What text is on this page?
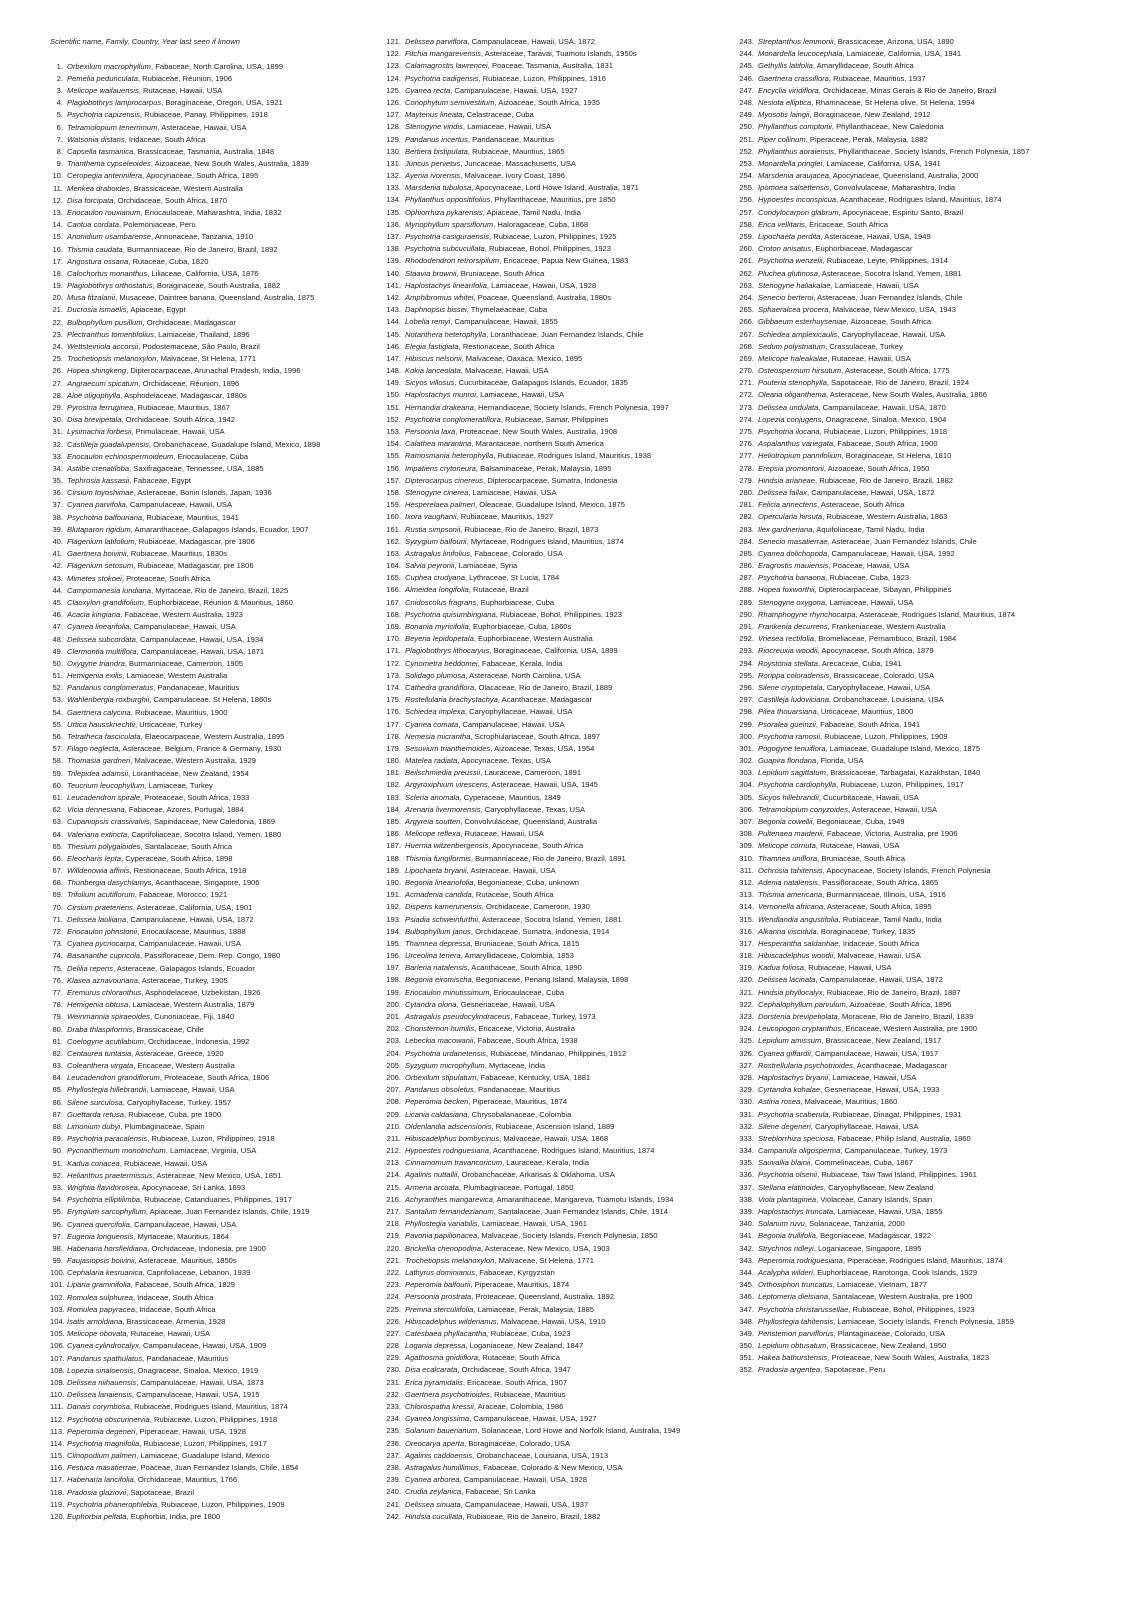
Scientific name, Family, Country, Year last seen if known
1. Orbexilum macrophyllum , Fabaceae, North Carolina, USA, 1899
2. Pemelia pedunculata , Rubiaceae, Réunion, 1906
3. Melicope wailauensis , Rutaceae, Hawaii, USA
4. Plagiobothrys lamprocarpus , Boraginaceae, Oregon, USA, 1921
5. Psychotria capizensis , Rubiaceae, Panay, Philippines, 1918
6. Tetramolopium tenerrimum , Asteraceae, Hawaii, USA
7. Watsonia distans , Iridaceae, South Africa
8. Capsella tasmanica , Brassicaceae, Tasmania, Australia, 1848
9. Trianthema cypseleoides , Aizoaceae, New South Wales, Australia, 1839
10. Ceropegia antennifera , Apocynaceae, South Africa, 1895
11. Menkea draboides , Brassicaceae, Western Australia
12. Disa forcipata , Orchidaceae, South Africa, 1870
13. Eriocaulon rouxianum , Eriocaulaceae, Maharashtra, India, 1832
14. Cantua cordata , Polemoniaceae, Peru
15. Anonidium usambarense , Annonaceae, Tanzania, 1910
16. Thismia caudata , Burmanniaceae, Rio de Janeiro, Brazil, 1892
17. Angostura ossana , Rutaceae, Cuba, 1820
18. Calochortus monanthus , Liliaceae, California, USA, 1876
19. Plagiobothrys orthostatus , Boraginaceae, South Australia, 1882
20. Musa fitzalanii , Musaceae, Daintree banana, Queensland, Australia, 1875
21. Ducrosia ismaëlis , Apiaceae, Egypt
22. Bulbophyllum pusillum , Orchidaceae, Madagascar
23. Plectranthus tomentifolius , Lamiaceae, Thailand, 1896
24. Wettsteiniola accorsii , Podostemaceae, São Paulo, Brazil
25. Trochetiopsis melanoxylon , Malvaceae, St Helena, 1771
26. Hopea shingkeng , Dipterocarpaceae, Arunachal Pradesh, India, 1996
27. Angraecum spicatum , Orchidaceae, Réunion, 1896
28. Aloë oligophylla , Asphodelaceae, Madagascar, 1880s
29. Pyrostria ferruginea , Rubiaceae, Mauritius, 1867
30. Disa brevipetala , Orchidaceae, South Africa, 1942
31. Lysimachia forbesii , Primulaceae, Hawaii, USA
32. Castilleja guadalupensis , Orobanchaceae, Guadalupe Island, Mexico, 1898
33. Eriocaulon echinospermoideum , Eriocaulaceae, Cuba
34. Astilbe crenatiloba , Saxifragaceae, Tennessee, USA, 1885
35. Tephrosia kassasii , Fabaceae, Egypt
36. Cirsium toyoshimae , Asteraceae, Bonin Islands, Japan, 1936
37. Cyanea parvifolia , Campanulaceae, Hawaii, USA
38. Psychotria balfouriana , Rubiaceae, Mauritius, 1941
39. Blutaparon rigidum , Amaranthaceae, Galapagos Islands, Ecuador, 1907
40. Flagenium latifolium , Rubiaceae, Madagascar, pre 1806
41. Gaertnera boivinii , Rubiaceae, Mauritius, 1830s
42. Flagenium setosum , Rubiaceae, Madagascar, pre 1806
43. Mimetes stokoei , Proteaceae, South Africa
44. Campomanesia lundiana , Myrtaceae, Rio de Janeiro, Brazil, 1825
45. Claoxylon grandifolium , Euphorbiaceae, Réunion & Mauritius, 1860
46. Acacia kingiana , Fabaceae, Western Australia, 1923
47. Cyanea linearifolia , Campanulaceae, Hawaii, USA
48. Delissea subcordata , Campanulaceae, Hawaii, USA, 1934
49. Clermontia multiflora , Campanulaceae, Hawaii, USA, 1871
50. Oxygyne triandra , Burmanniaceae, Cameroon, 1905
51. Hemigenia exilis , Lamiaceae, Western Australia
52. Pandanus conglomeratus , Pandanaceae, Mauritius
53. Wahlenbergia roxburghii , Campanulaceae, St Helena, 1860s
54. Gaertnera calycina , Rubiaceae, Mauritius, 1900
55. Urtica haussknechtii , Urticaceae, Turkey
56. Tetratheca fasciculata , Elaeocarpaceae, Western Australia, 1895
57. Filago neglecta , Asteraceae, Belgium, France & Germany, 1930
58. Thomasia gardneri , Malvaceae, Western Australia, 1929
59. Trilepidea adamsii , Loranthaceae, New Zealand, 1954
60. Teucrium leucophyllum , Lamiaceae, Turkey
61. Leucadendron spirale , Proteaceae, South Africa, 1933
62. Vicia dennesiana , Fabaceae, Azores, Portugal, 1884
63. Cupaniopsis crassivalvis , Sapindaceae, New Caledonia, 1869
64. Valeriana extincta , Caprifoliaceae, Socotra Island, Yemen, 1880
65. Thesium polygaloides , Santalaceae, South Africa
66. Eleocharis lepta , Cyperaceae, South Africa, 1898
67. Willdenowia affinis , Restionaceae, South Africa, 1918
68. Thunbergia dasychlamys , Acanthaceae, Singapore, 1906
69. Trifolium acutiflorum , Fabaceae, Morocco, 1921
70. Cirsium praeteriens , Asteraceae, California, USA, 1901
71. Delissea lauliiana , Campanulaceae, Hawaii, USA, 1872
72. Eriocaulon johnstonii , Eriocaulaceae, Mauritius, 1888
73. Cyanea pycnocarpa , Campanulaceae, Hawaii, USA
74. Basananthe cupricola , Passifloraceae, Dem. Rep. Congo, 1980
75. Delilia repens , Asteraceae, Galapagos Islands, Ecuador
76. Klasea aznavouriana , Asteraceae, Turkey, 1905
77. Eremurus chloranthus , Asphodelaceae, Uzbekistan, 1926
78. Hemigenia obtusa , Lamiaceae, Western Australia, 1879
79. Weinmannia spiraeoides , Cunoniaceae, Fiji, 1840
80. Draba thlaspiformis , Brassicaceae, Chile
81. Coelogyne acutilabium , Orchidaceae, Indonesia, 1992
82. Centaurea tuntasia , Asteraceae, Greece, 1920
83. Coleanthera virgata , Ericaceae, Western Australia
84. Leucadendron grandiflorum , Proteaceae, South Africa, 1806
85. Phyllostegia hillebrandii , Lamiaceae, Hawaii, USA
86. Silene surculosa , Caryophyllaceae, Turkey, 1957
87. Guettarda retusa , Rubiaceae, Cuba, pre 1900
88. Limonium dubyi , Plumbaginaceae, Spain
89. Psychotria paracalensis , Rubiaceae, Luzon, Philippines, 1918
90. Pycnanthemum monotrichum , Lamiaceae, Virginia, USA
91. Kadua coriacea , Rubiaceae, Hawaii, USA
92. Helianthus praetermissus , Asteraceae, New Mexico, USA, 1851
93. Wrightia flavidorosea , Apocynaceae, Sri Lanka, 1893
94. Psychotria elliptilimba , Rubiaceae, Catanduanes, Philippines, 1917
95. Eryngium sarcophyllum , Apiaceae, Juan Fernandez Islands, Chile, 1919
96. Cyanea quercifolia , Campanulaceae, Hawaii, USA
97. Eugenia longuensis , Myrtaceae, Mauritius, 1864
98. Habenaria horsfieldiana , Orchidaceae, Indonesia, pre 1900
99. Faujasiopsis boivinii , Asteraceae, Mauritius, 1850s
100. Cephalaria kesruanica , Caprifoliaceae, Lebanon, 1939
101. Liparia graminifolia , Fabaceae, South Africa, 1829
102. Romulea sulphurea , Iridaceae, South Africa
103. Romulea papyracea , Iridaceae, South Africa
104. Isatis arnoldiana , Brassicaceae, Armenia, 1928
105. Melicope obovata , Rutaceae, Hawaii, USA
106. Cyanea cylindrocalyx , Campanulaceae, Hawaii, USA, 1909
107. Pandanus spathulatus , Pandanaceae, Mauritius
108. Lopezia sinaloensis , Onagraceae, Sinaloa, Mexico, 1919
109. Delissea niihauensis , Campanulaceae, Hawaii, USA, 1873
110. Delissea lanaiensis , Campanulaceae, Hawaii, USA, 1915
111. Danais corymbosa , Rubiaceae, Rodrigues Island, Mauritius, 1874
112. Psychotria obscurinervia , Rubiaceae, Luzon, Philippines, 1918
113. Peperomia degeneri , Piperaceae, Hawaii, USA, 1928
114. Psychotria magnifolia , Rubiaceae, Luzon, Philippines, 1917
115. Clinopodium palmeri , Lamiaceae, Guadalupe Island, Mexico
116. Festuca masatierrae , Poaceae, Juan Fernandez Islands, Chile, 1854
117. Habenaria lancifolia , Orchidaceae, Mauritius, 1766
118. Pradosia glaziovii , Sapotaceae, Brazil
119. Psychotria phanerophlebia , Rubiaceae, Luzon, Philippines, 1909
120. Euphorbia peltata , Euphorbia, India, pre 1800
121. Delissea parviflora , Campanulaceae, Hawaii, USA, 1872
122. Fitchia mangarevensis , Asteraceae, Taravai, Tuamotu Islands, 1950s
123. Calamagrostis lawrencei , Poaceae, Tasmania, Australia, 1831
124. Psychotria cadigensis , Rubiaceae, Luzon, Philippines, 1916
125. Cyanea recta , Campanulaceae, Hawaii, USA, 1927
126. Conophytum semivestitum , Aizoaceae, South Africa, 1935
127. Maytenus lineata , Celastraceae, Cuba
128. Stenogyne viridis , Lamiaceae, Hawaii, USA
129. Pandanus incertus , Pandanaceae, Mauritius
130. Bertiera bistipulata , Rubiaceae, Mauritius, 1865
131. Juncus pervetus , Juncaceae, Massachusetts, USA
132. Ayenia ivorensis , Malvaceae, Ivory Coast, 1896
133. Marsdenia tubulosa , Apocynaceae, Lord Howe Island, Australia, 1871
134. Phyllanthus oppositifolius , Phyllanthaceae, Mauritius, pre 1850
135. Ophiorrhiza pykarensis , Apiaceae, Tamil Nadu, India
136. Myriophyllum sparsiflorum , Haloragaceae, Cuba, 1868
137. Psychotria casiguraensis , Rubiaceae, Luzon, Philippines, 1925
138. Psychotria subcucullata , Rubiaceae, Bohol, Philippines, 1923
139. Rhododendron retrorsipilum , Ericaceae, Papua New Guinea, 1983
140. Staavia brownii , Bruniaceae, South Africa
141. Haplostachys linearifolia , Lamiaceae, Hawaii, USA, 1928
142. Amphibromus whitei , Poaceae, Queensland, Australia, 1980s
143. Daphnopsis bissei , Thymelaeaceae, Cuba
144. Lobelia remyi , Campanulaceae, Hawaii, 1855
145. Notanthera heterophylla , Loranthaceae, Juan Fernandez Islands, Chile
146. Elegia fastigiata , Restionaceae, South Africa
147. Hibiscus nelsonii , Malvaceae, Oaxaca, Mexico, 1895
148. Kokia lanceolata , Malvaceae, Hawaii, USA
149. Sicyos villosus , Cucurbitaceae, Galapagos Islands, Ecuador, 1835
150. Haplostachys munroi , Lamiaceae, Hawaii, USA
151. Hernandia drakeana , Hernandiaceae, Society Islands, French Polynesia, 1997
152. Psychotria conglomeratiflora , Rubiaceae, Samar, Philippines
153. Persoonia laxa , Proteaceae, New South Wales, Australia, 1908
154. Calathea marantina , Marantaceae, northern South America
155. Ramosmania heterophylla , Rubiaceae, Rodrigues Island, Mauritius, 1938
156. Impatiens crytoneura , Balsaminaceae, Perak, Malaysia, 1895
157. Dipterocarpus cinereus , Dipterocarpaceae, Sumatra, Indonesia
158. Stenogyne cinerea , Lamiaceae, Hawaii, USA
159. Hesperelaea palmeri , Oleaceae, Guadalupe Island, Mexico, 1875
160. Ixora vaughanii , Rubiaceae, Mauritius, 1927
161. Rustia simpsonii , Rubiaceae, Rio de Janeiro, Brazil, 1873
162. Syzygium balfourii , Myrtaceae, Rodrigues Island, Mauritius, 1874
163. Astragalus linifolius , Fabaceae, Colorado, USA
164. Salvia peyronii , Lamiaceae, Syria
165. Cuphea crudyana , Lythraceae, St Lucia, 1784
166. Almeidea longifolia , Rutaceae, Brazil
167. Cnidoscolus fragrans , Euphorbiaceae, Cuba
168. Psychotria quisumbingiana , Rubiaceae, Bohol, Philippines, 1923
169. Bonania myricifolia , Euphorbiaceae, Cuba, 1860s
170. Beyeria lepidopetala , Euphorbiaceae, Western Australia
171. Plagiobothrys lithocaryus , Boraginaceae, California, USA, 1899
172. Cynometra beddomei , Fabaceae, Kerala, India
173. Solidago plumosa , Asteraceae, North Carolina, USA
174. Cathedra grandiflora , Olacaceae, Rio de Janeiro, Brazil, 1889
175. Rostellularia brachystachya , Acanthaceae, Madagascar
176. Schiedea implexa , Caryophyllaceae, Hawaii, USA
177. Cyanea comata , Campanulaceae, Hawaii, USA
178. Nemesia micrantha , Scrophulariaceae, South Africa, 1897
179. Sesuvium trianthemoides , Aizoaceae, Texas, USA, 1954
180. Matelea radiata , Apocynaceae, Texas, USA
181. Beilschmiedia preussii , Lauraceae, Cameroon, 1891
182. Argyroxiphium virescens , Asteraceae, Hawaii, USA, 1945
183. Scleria anomala , Cyperaceae, Mauritius, 1849
184. Arenaria livermorensis , Caryophyllaceae, Texas, USA
185. Argyreia soutteri , Convolvulaceae, Queensland, Australia
186. Melicope reflexa , Rutaceae, Hawaii, USA
187. Huernia witzenbergensis , Apocynaceae, South Africa
188. Thismia fungiformis , Burmanniaceae, Rio de Janeiro, Brazil, 1891
189. Lipochaeta bryanii , Asteraceae, Hawaii, USA
190. Begonia lineariofolia , Begoniaceae, Cuba, unknown
191. Acmadenia candida , Rutaceae, South Africa
192. Disperis kamerunensis , Orchidaceae, Cameroon, 1930
193. Psiadia schweinfurthii , Asteraceae, Socotra Island, Yemen, 1881
194. Bulbophyllum janus , Orchidaceae, Sumatra, Indonesia, 1914
195. Thamnea depressa , Bruniaceae, South Africa, 1815
196. Urceolina tenera , Amaryllidaceae, Colombia, 1853
197. Barleria natalensis , Acanthaceae, South Africa, 1890
198. Begonia eiromischa , Begoniaceae, Penang Island, Malaysia, 1898
199. Eriocaulon minutissimum , Eriocaulaceae, Cuba
200. Cytandra olona , Gesneriaceae, Hawaii, USA
201. Astragalus pseudocylindraceus , Fabaceae, Turkey, 1973
202. Choristernon humilis , Ericaceae, Victoria, Australia
203. Lebeckia macowanii , Fabaceae, South Africa, 1938
204. Psychotria urdanetensis , Rubiaceae, Mindanao, Philippines, 1912
205. Syzygium microphyllum , Myrtaceae, India
206. Orbexilum stipulatum , Fabaceae, Kentucky, USA, 1881
207. Pandanus obsoletus , Pandanaceae, Mauritius
208. Peperomia beckeri , Piperaceae, Mauritius, 1874
209. Licania caldasiana , Chrysobalanaceae, Colombia
210. Oldenlandia adscensionis , Rubiaceae, Ascension Island, 1889
211. Hibiscadelphus bombycinus , Malvaceae, Hawaii, USA, 1868
212. Hypoestes rodriguesiana , Acanthaceae, Rodrigues Island, Mauritius, 1874
213. Cinnamomum travancoricum , Lauraceae, Kerala, India
214. Agalinis nuttallii , Orobanchaceae, Arkansas & Oklahoma, USA
215. Armeria arcuata , Plumbaginaceae, Portugal, 1850
216. Achyranthes mangarevica , Amaranthaceae, Mangareva, Tuamotu Islands, 1934
217. Santalum fernandezianum , Santalaceae, Juan Fernandez Islands, Chile, 1914
218. Phyllostegia variabilis , Lamiaceae, Hawaii, USA, 1961
219. Pavonia papilionacea , Malvaceae, Society Islands, French Polynesia, 1850
220. Brickellia chenopodina , Asteraceae, New Mexico, USA, 1903
221. Trochetiopsis melanoxylon , Malvaceae, St Helena, 1771
222. Lathyrus dominianus , Fabaceae, Kyrgyzstan
223. Peperomia balfourii , Piperaceae, Mauritius, 1874
224. Persoonia prostrata , Proteaceae, Queensland, Australia, 1892
225. Premna sterculiifolia , Lamiaceae, Perak, Malaysia, 1885
226. Hibiscadelphus wilderianus , Malvaceae, Hawaii, USA, 1910
227. Catesbaea phyllacantha , Rubiaceae, Cuba, 1923
228. Logania depressa , Loganiaceae, New Zealand, 1847
229. Agathosma gnidiiflora , Rutaceae, South Africa
230. Disa ecalcarata , Orchidaceae, South Africa, 1947
231. Erica pyramidalis , Ericaceae, South Africa, 1907
232. Gaertnera psychotrioides , Rubiaceae, Mauritius
233. Chlorospatha kressii , Araceae, Colombia, 1986
234. Cyanea longissima , Campanulaceae, Hawaii, USA, 1927
235. Solanum bauerianum , Solanaceae, Lord Howe and Norfolk Island, Australia, 1949
236. Oreocarya aperta , Boraginaceae, Colorado, USA
237. Agalinis caddoensis , Orobanchaceae, Louisiana, USA, 1913
238. Astragalus humillimus , Fabaceae, Colorado & New Mexico, USA
239. Cyanea arborea , Campanulaceae, Hawaii, USA, 1928
240. Crudia zeylanica , Fabaceae, Sri Lanka
241. Delissea sinuata , Campanulaceae, Hawaii, USA, 1937
242. Hindsia cucullata , Rubiaceae, Rio de Janeiro, Brazil, 1882
243. Streptanthus lemmonii , Brassicaceae, Arizona, USA, 1890
244. Monardella leucocephala , Lamiaceae, California, USA, 1941
245. Gethyllis latifolia , Amaryllidaceae, South Africa
246. Gaertnera crassiflora , Rubiaceae, Mauritius, 1937
247. Encyclia viridiflora , Orchidaceae, Minas Gerais & Rio de Janeiro, Brazil
248. Nesiota elliptica , Rhamnaceae, St Helena olive, St Helena, 1994
249. Myosotis laingii , Boraginaceae, New Zealand, 1912
250. Phyllanthus comptonii , Phyllanthaceae, New Caledonia
251. Piper collinum , Piperaceae, Perak, Malaysia, 1882
252. Phyllanthus aoraiensis , Phyllanthaceae, Society Islands, French Polynesia, 1857
253. Monardella pringlei , Lamiaceae, California, USA, 1941
254. Marsdenia araujacea , Apocynaceae, Queensland, Australia, 2000
255. Ipomoea salsettensis , Convolvulaceae, Maharashtra, India
256. Hypoestes inconspicua , Acanthaceae, Rodrigues Island, Mauritius, 1874
257. Condylocarpon glabrum , Apocynaceae, Espiritu Santo, Brazil
258. Erica vellitaris , Ericaceae, South Africa
259. Lipochaeta perdita , Asteraceae, Hawaii, USA, 1949
260. Croton anisatus , Euphorbiaceae, Madagascar
261. Psychotria wenzelii , Rubiaceae, Leyte, Philippines, 1914
262. Pluchea glutinosa , Asteraceae, Socotra Island, Yemen, 1881
263. Stenogyne haliakalae , Lamiaceae, Hawaii, USA
264. Senecio berteroi , Asteraceae, Juan Fernandez Islands, Chile
265. Sphaeralcea procera , Malvaceae, New Mexico, USA, 1943
266. Gibbaeum esterhuyseniae , Aizoaceae, South Africa
267. Schiedea amplexicaulis , Caryophyllaceae, Hawaii, USA
268. Sedum polystriatum , Crassulaceae, Turkey
269. Melicope haleakalae , Rutaceae, Hawaii, USA
270. Osteospermum hirsutum , Asteraceae, South Africa, 1775
271. Pouteria stenophylla , Sapotaceae, Rio de Janeiro, Brazil, 1924
272. Olearia oliganthema , Asteraceae, New South Wales, Australia, 1866
273. Delissea undulata , Campanulaceae, Hawaii, USA, 1870
274. Lopezia conjugens , Onagraceae, Sinaloa, Mexico, 1904
275. Psychotria ilocana , Rubiaceae, Luzon, Philippines, 1918
276. Aspalanthus variegata , Fabaceae, South Africa, 1900
277. Heliotropium pannifolium , Boraginaceae, St Helena, 1810
278. Erepsia promontorii , Aizoaceae, South Africa, 1950
279. Hindsia arianeae , Rubiaceae, Rio de Janeiro, Brazil, 1882
280. Delissea fallax , Campanulaceae, Hawaii, USA, 1872
281. Felicia annectens , Asteraceae, South Africa
282. Opercularia hirsuta , Rubiaceae, Western Australia, 1863
283. Ilex gardneriana , Aquifoliaceae, Tamil Nadu, India
284. Senecio masatierrae , Asteraceae, Juan Fernandez Islands, Chile
285. Cyanea dolichopoda , Campanulaceae, Hawaii, USA, 1992
286. Eragrostis mauiensis , Poaceae, Hawaii, USA
287. Psychotria banaona , Rubiaceae, Cuba, 1923
288. Hopea foxworthii , Dipterocarpaceae, Sibayan, Philippines
289. Stenogyne oxygona , Lamiaceae, Hawaii, USA
290. Rhamphogyne rhynchocarpa , Asteraceae, Rodrigues Island, Mauritius, 1874
291. Frankenia decurrens , Frankeniaceae, Western Australia
292. Vriesea rectifolia , Bromeliaceae, Pernambuco, Brazil, 1984
293. Riocreuxia woodii , Apocynaceae, South Africa, 1879
294. Roystonia stellata , Arecaceae, Cuba, 1941
295. Rorippa coloradensis , Brassicaceae, Colorado, USA
296. Silene cryptopetala , Caryophyllaceae, Hawaii, USA
297. Castilleja ludoviciana , Orobanchaceae, Louisiana, USA
298. Pilea thouarsiana , Urticaceae, Mauritius, 1800
299. Psoralea gueinzii , Fabaceae, South Africa, 1941
300. Psychotria ramosii , Rubiaceae, Luzon, Philippines, 1909
301. Pogogyne tenuiflora , Lamiaceae, Guadalupe Island, Mexico, 1875
302. Guapira floridana , Florida, USA
303. Lepidium sagittatum , Brassicaceae, Tarbagatai, Kazakhstan, 1840
304. Psychotria cardiophylla , Rubiaceae, Luzon, Philippines, 1917
305. Sicyos hillebrandii , Cucurbitaceae, Hawaii, USA
306. Tetramolopium conyzoides , Asteraceae, Hawaii, USA
307. Begonia cowellii , Begoniaceae, Cuba, 1949
308. Pultenaea maidenii , Fabaceae, Victoria, Australia, pre 1906
309. Melicope cornuta , Rutaceae, Hawaii, USA
310. Thamnea uniflora , Bruniaceae, South Africa
311. Ochrosia tahitensis , Apocynaceae, Society Islands, French Polynesia
312. Adenia natalensis , Passifloraceae, South Africa, 1865
313. Thismia americana , Burmanniaceae, Illinois, USA, 1916
314. Vernonella africana , Asteraceae, South Africa, 1895
315. Wendlandia angustifolia , Rubiaceae, Tamil Nadu, India
316. Alkanna viscidula , Boraginaceae, Turkey, 1835
317. Hesperantha saldanhae , Iridaceae, South Africa
318. Hibiscadelphus woodii , Malvaceae, Hawaii, USA
319. Kadua foliosa , Rubiaceae, Hawaii, USA
320. Delissea lacinata , Campanulaceae, Hawaii, USA, 1872
321. Hindsia phyllocalyx , Rubiaceae, Rio de Janeiro, Brazil, 1887
322. Cephalophyllum parvulum , Aizoaceae, South Africa, 1896
323. Dorstenia brevipetiolata , Moraceae, Rio de Janeiro, Brazil, 1839
324. Leucopogon cryptanthus , Ericaceae, Western Australia, pre 1900
325. Lepidium amissum , Brassicaceae, New Zealand, 1917
326. Cyanea giffardii , Campanulaceae, Hawaii, USA, 1917
327. Rostrellularia psychotrioides , Acanthaceae, Madagascar
328. Haplostachys bryanii , Lamiaceae, Hawaii, USA
329. Cyrtandra kohalae , Gesneriaceae, Hawaii, USA, 1933
330. Astiria rosea , Malvaceae, Mauritius, 1860
331. Psychotria scaberula , Rubiaceae, Dinagat, Philippines, 1931
332. Silene degeneri , Caryophyllaceae, Hawaii, USA
333. Streblorrhiza speciosa , Fabaceae, Philip Island, Australia, 1860
334. Campanula oligosperma , Campanulaceae, Turkey, 1973
335. Sauvallia blainii , Commelinaceae, Cuba, 1867
336. Psychotria olsenii , Rubiaceae, Taw Tawi Island, Philippines, 1961
337. Stellaria elatinoides , Caryophyllaceae, New Zealand
338. Viola plantaginea , Violaceae, Canary Islands, Spain
339. Haplostachys truncata , Lamiaceae, Hawaii, USA, 1855
340. Solanum ruvu , Solanaceae, Tanzania, 2000
341. Begonia trullifolia , Begoniaceae, Madagascar, 1922
342. Strychnos ridleyi , Loganiaceae, Singapore, 1895
343. Peperomia rodriguesiana , Piperaceae, Rodrigues Island, Mauritius, 1874
344. Acalypha wilderi , Euphorbiaceae, Rarotonga, Cook Islands, 1929
345. Orthosiphon truncatus , Lamiaceae, Vietnam, 1877
346. Leptomeria dielsiana , Santalaceae, Western Australia, pre 1900
347. Psychotria christarussellae , Rubiaceae, Bohol, Philippines, 1923
348. Phyllostegia tahitensis , Lamiaceae, Society Islands, French Polynesia, 1859
349. Penstemon parviflorus , Plantaginaceae, Colorado, USA
350. Lepidium obtusatum , Brassicaceae, New Zealand, 1950
351. Hakea bathurstensis , Proteaceae, New South Wales, Australia, 1823
352. Pradosia argentea , Sapotaceae, Peru
